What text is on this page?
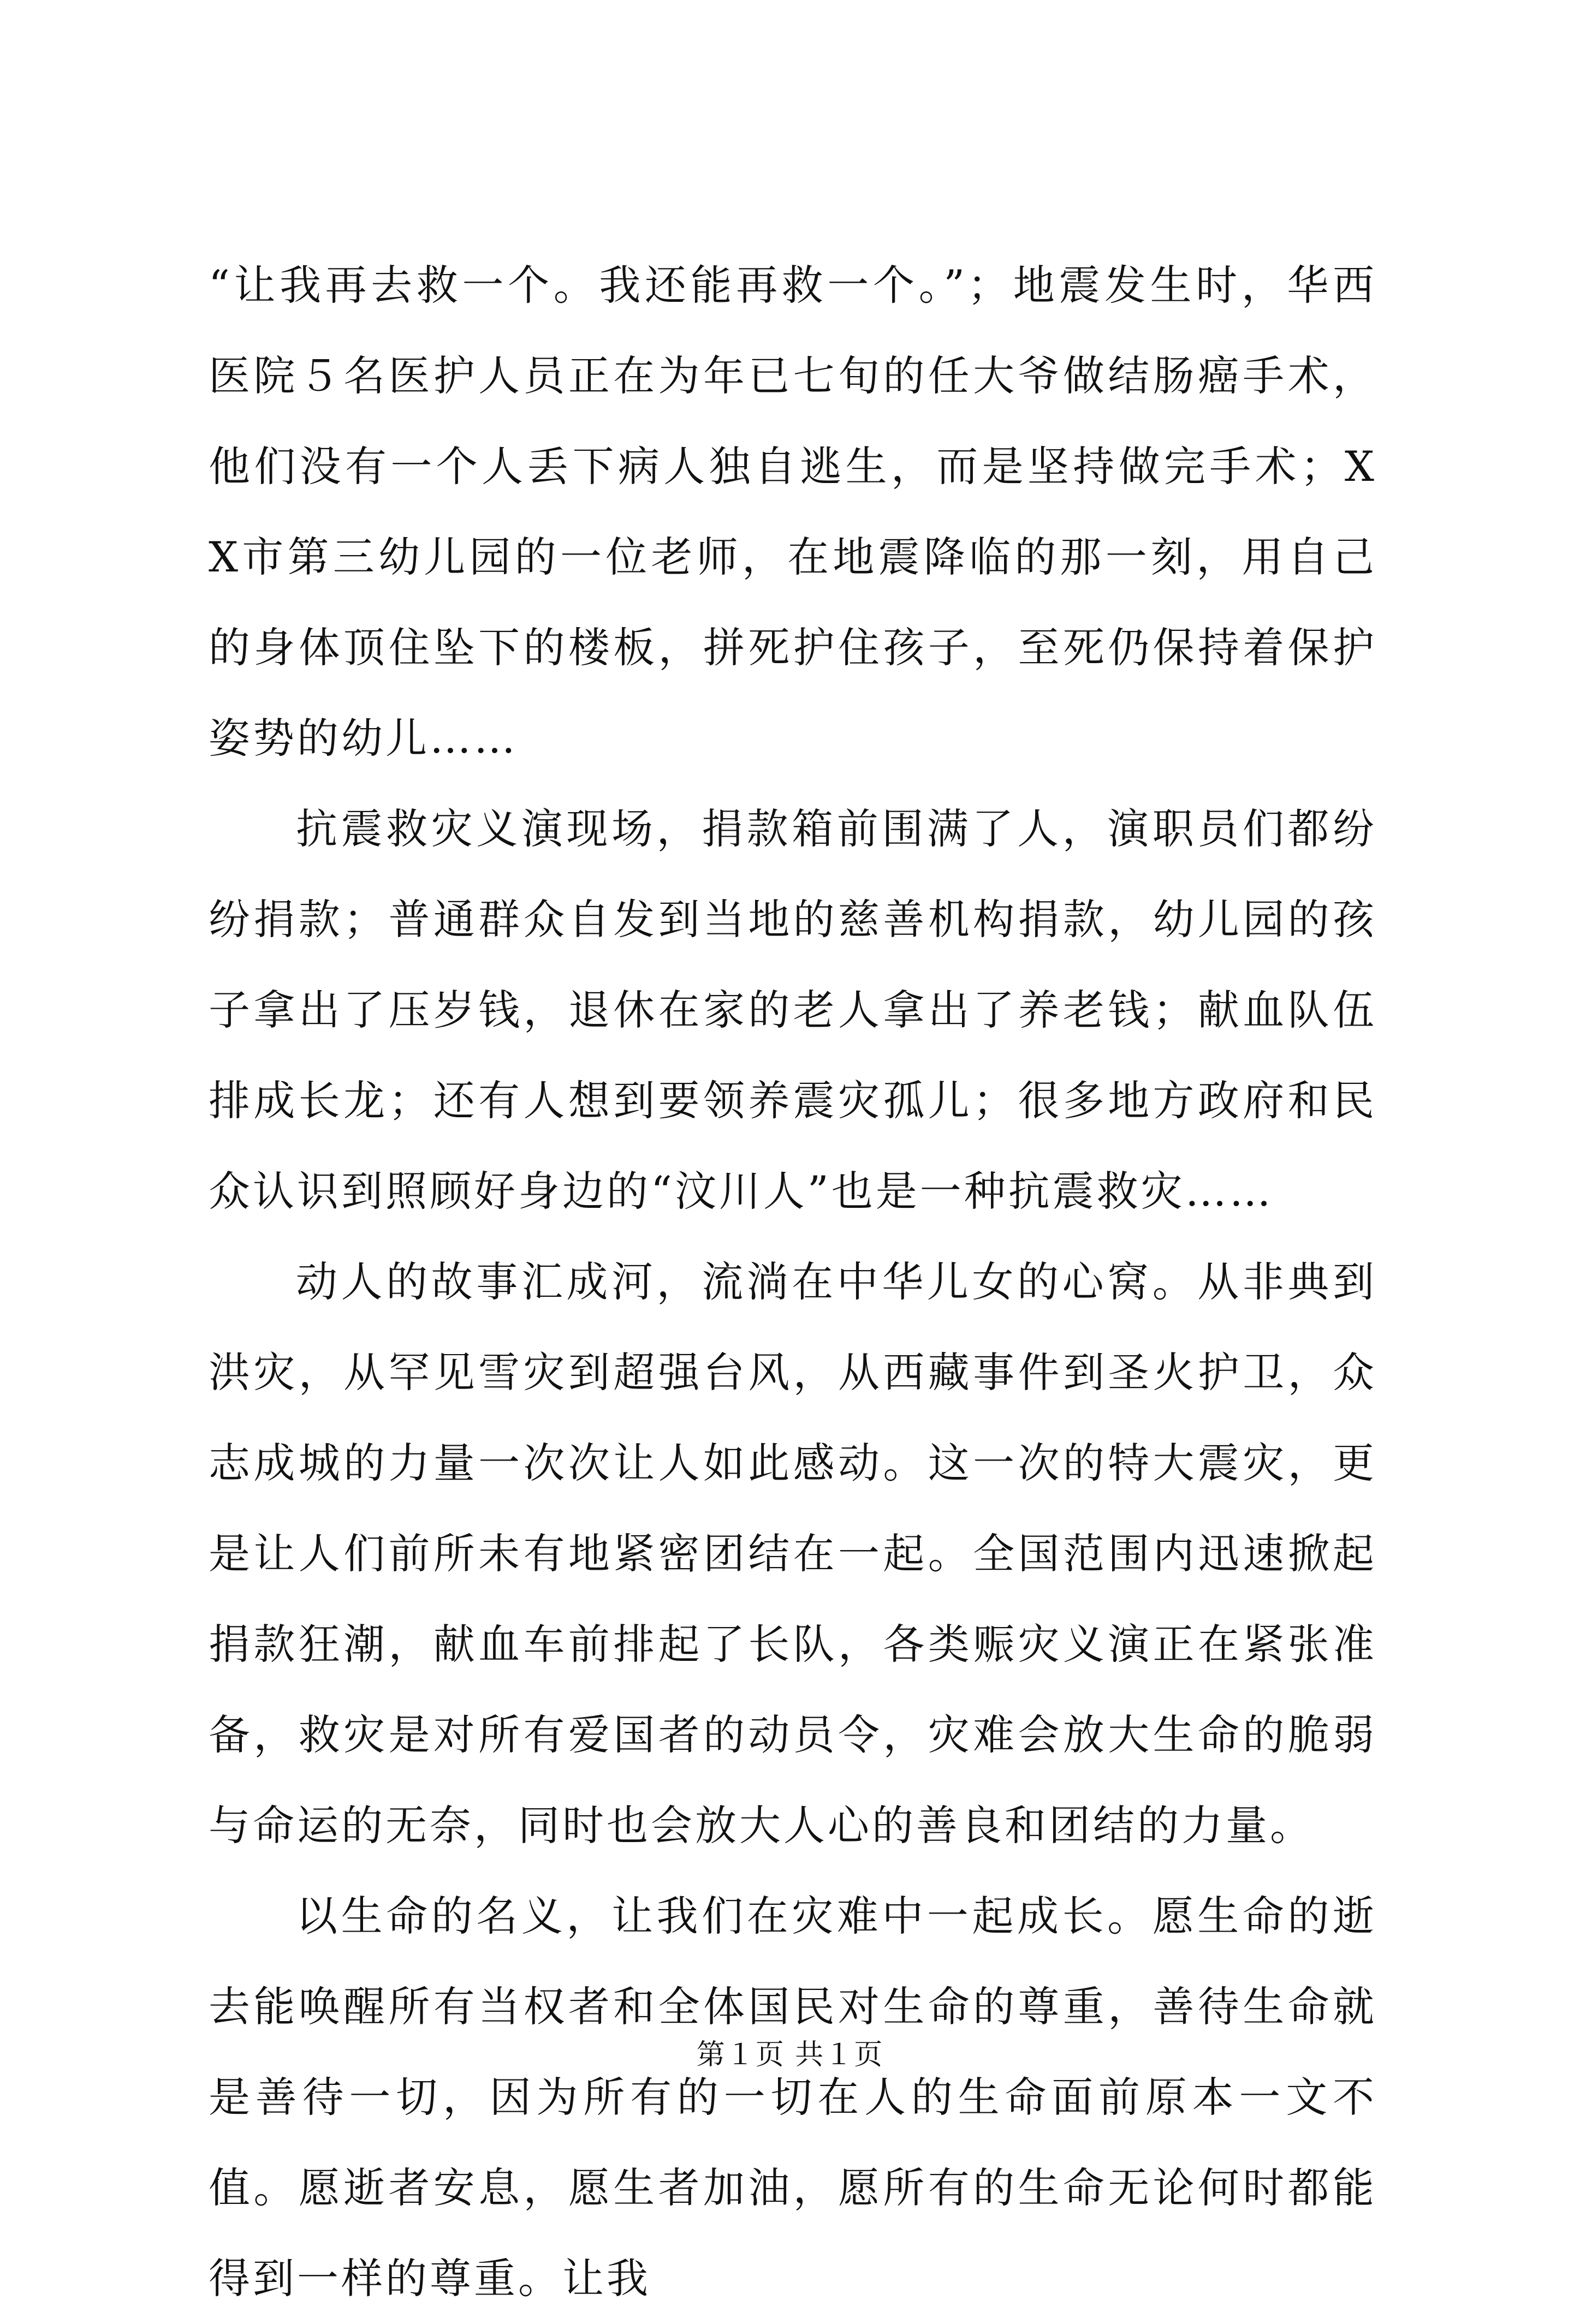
“让我再去救一个。我还能再救一个。”；地震发生时，华西医院５名医护人员正在为年已七旬的任大爷做结肠癌手术，他们没有一个人丢下病人独自逃生，而是坚持做完手术；XX市第三幼儿园的一位老师，在地震降临的那一刻，用自己的身体顶住坠下的楼板，拼死护住孩子，至死仍保持着保护姿势的幼儿……

抗震救灾义演现场，捐款箱前围满了人，演职员们都纷纷捐款；普通群众自发到当地的慈善机构捐款，幼儿园的孩子拿出了压岁钱，退休在家的老人拿出了养老钱；献血队伍排成长龙；还有人想到要领养震灾孤儿；很多地方政府和民众认识到照顾好身边的“汶川人”也是一种抗震救灾……

动人的故事汇成河，流淌在中华儿女的心窝。从非典到洪灾，从罕见雪灾到超强台风，从西藏事件到圣火护卫，众志成城的力量一次次让人如此感动。这一次的特大震灾，更是让人们前所未有地紧密团结在一起。全国范围内迅速掀起捐款狂潮，献血车前排起了长队，各类赈灾义演正在紧张准备，救灾是对所有爱国者的动员令，灾难会放大生命的脆弱与命运的无奈，同时也会放大人心的善良和团结的力量。

以生命的名义，让我们在灾难中一起成长。愿生命的逝去能唤醒所有当权者和全体国民对生命的尊重，善待生命就是善待一切，因为所有的一切在人的生命面前原本一文不值。愿逝者安息，愿生者加油，愿所有的生命无论何时都能得到一样的尊重。让我

第１页 共１页
